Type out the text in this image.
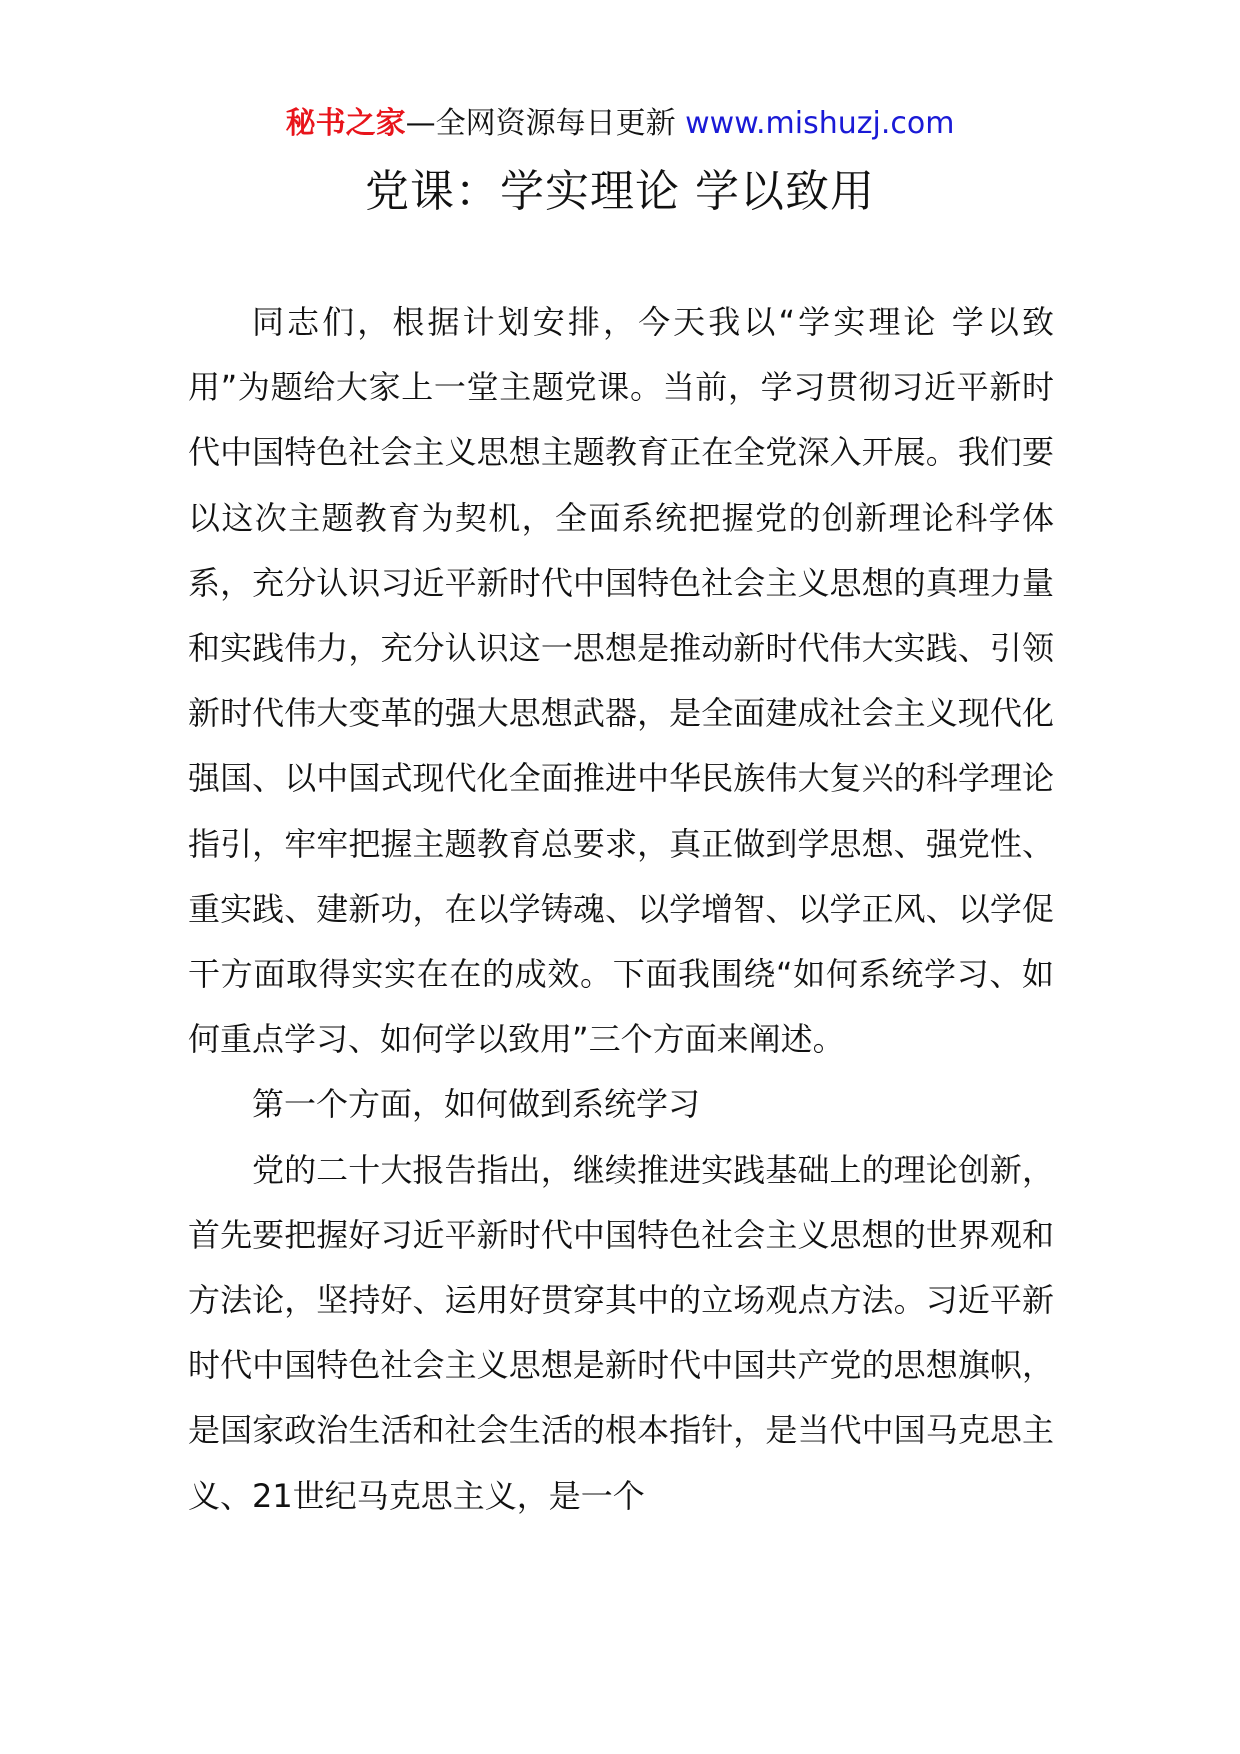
秘书之家—全网资源每日更新 www.mishuzj.com
党课：学实理论 学以致用

同志们，根据计划安排，今天我以“学实理论 学以致用”为题给大家上一堂主题党课。当前，学习贯彻习近平新时代中国特色社会主义思想主题教育正在全党深入开展。我们要以这次主题教育为契机，全面系统把握党的创新理论科学体系，充分认识习近平新时代中国特色社会主义思想的真理力量和实践伟力，充分认识这一思想是推动新时代伟大实践、引领新时代伟大变革的强大思想武器，是全面建成社会主义现代化强国、以中国式现代化全面推进中华民族伟大复兴的科学理论指引，牢牢把握主题教育总要求，真正做到学思想、强党性、重实践、建新功，在以学铸魂、以学增智、以学正风、以学促干方面取得实实在在的成效。下面我围绕“如何系统学习、如何重点学习、如何学以致用”三个方面来阐述。

第一个方面，如何做到系统学习

党的二十大报告指出，继续推进实践基础上的理论创新，首先要把握好习近平新时代中国特色社会主义思想的世界观和方法论，坚持好、运用好贯穿其中的立场观点方法。习近平新时代中国特色社会主义思想是新时代中国共产党的思想旗帜，是国家政治生活和社会生活的根本指针，是当代中国马克思主义、21世纪马克思主义，是一个
